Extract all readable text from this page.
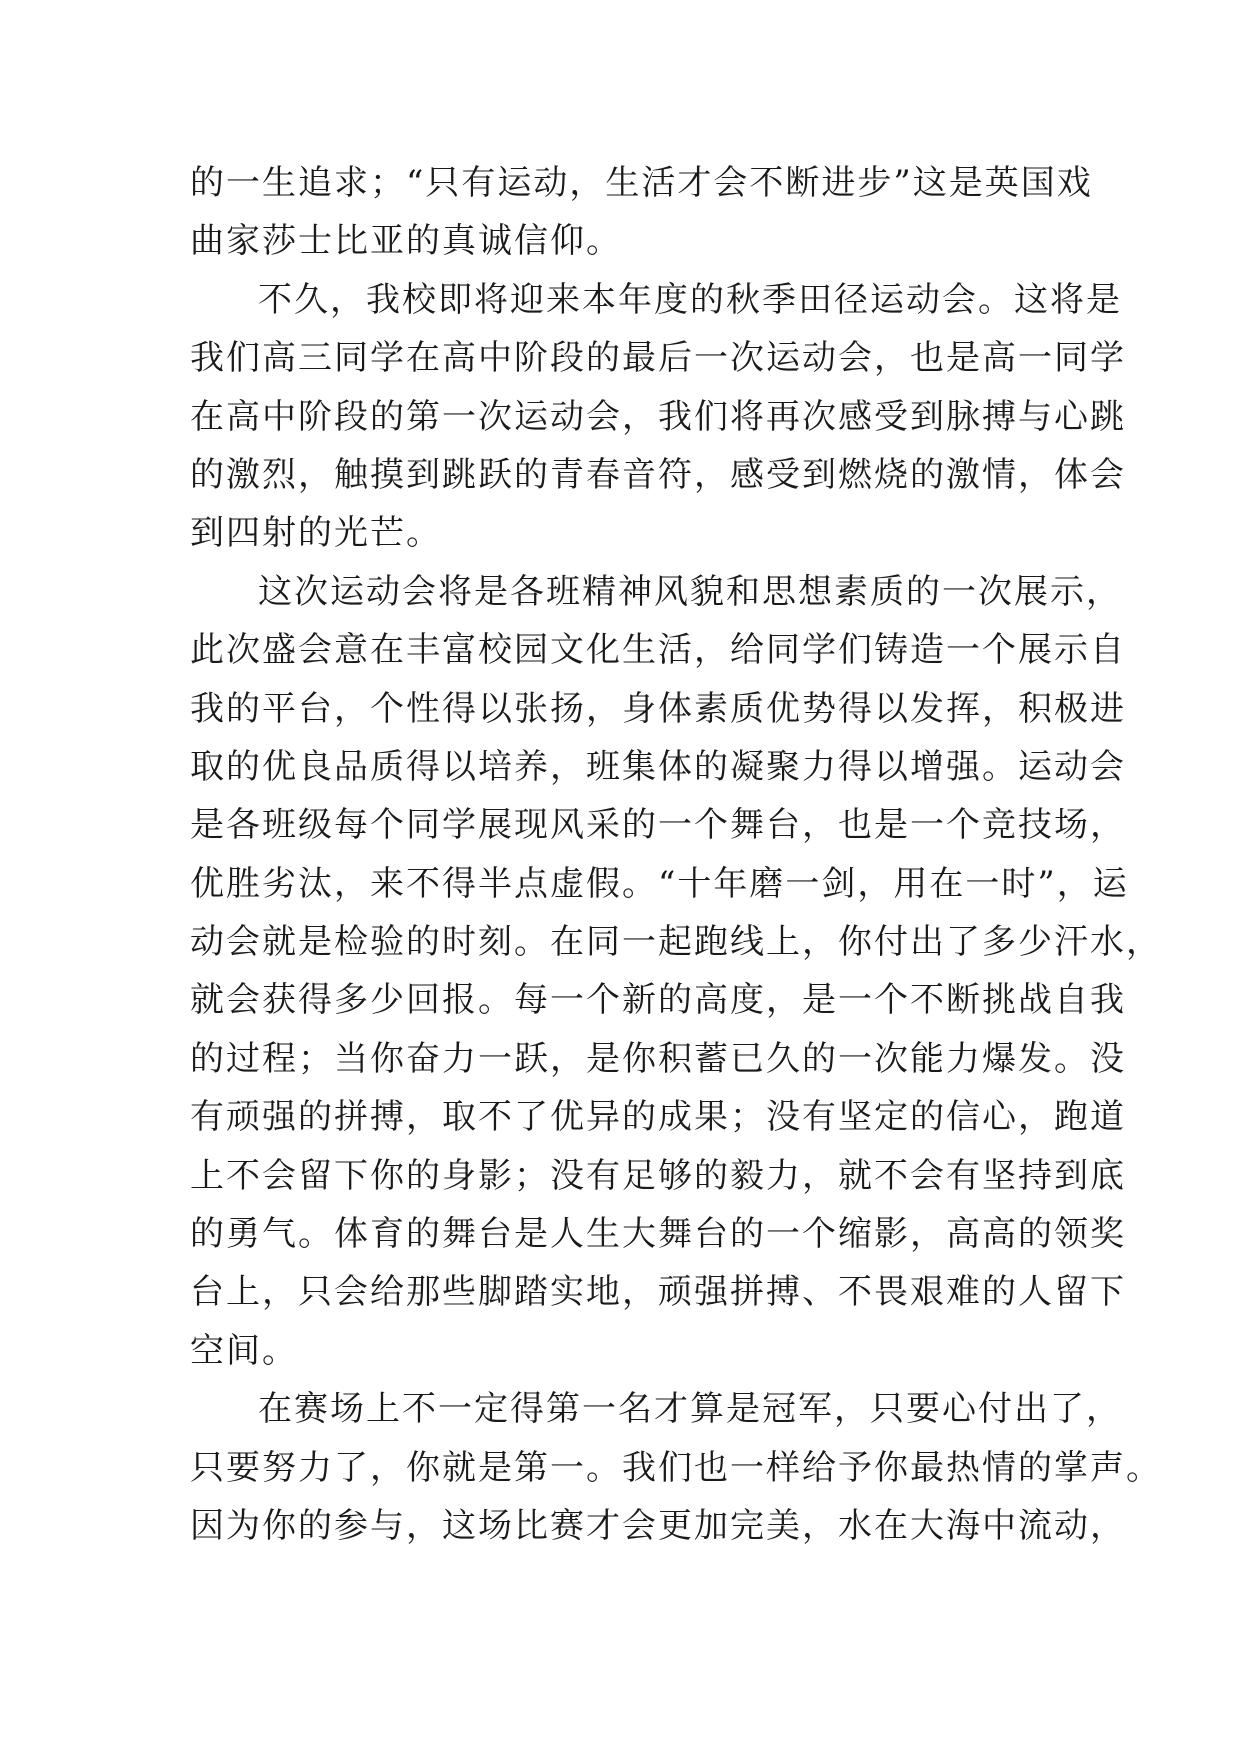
的一生追求；“只有运动，生活才会不断进步”这是英国戏
曲家莎士比亚的真诚信仰。
不久，我校即将迎来本年度的秋季田径运动会。这将是
我们高三同学在高中阶段的最后一次运动会，也是高一同学
在高中阶段的第一次运动会，我们将再次感受到脉搏与心跳
的激烈，触摸到跳跃的青春音符，感受到燃烧的激情，体会
到四射的光芒。
这次运动会将是各班精神风貌和思想素质的一次展示，
此次盛会意在丰富校园文化生活，给同学们铸造一个展示自
我的平台，个性得以张扬，身体素质优势得以发挥，积极进
取的优良品质得以培养，班集体的凝聚力得以增强。运动会
是各班级每个同学展现风采的一个舞台，也是一个竞技场，
优胜劣汰，来不得半点虚假。“十年磨一剑，用在一时”，运
动会就是检验的时刻。在同一起跑线上，你付出了多少汗水，
就会获得多少回报。每一个新的高度，是一个不断挑战自我
的过程；当你奋力一跃，是你积蓄已久的一次能力爆发。没
有顽强的拼搏，取不了优异的成果；没有坚定的信心，跑道
上不会留下你的身影；没有足够的毅力，就不会有坚持到底
的勇气。体育的舞台是人生大舞台的一个缩影，高高的领奖
台上，只会给那些脚踏实地，顽强拼搏、不畏艰难的人留下
空间。
在赛场上不一定得第一名才算是冠军，只要心付出了，
只要努力了，你就是第一。我们也一样给予你最热情的掌声。
因为你的参与，这场比赛才会更加完美，水在大海中流动，
